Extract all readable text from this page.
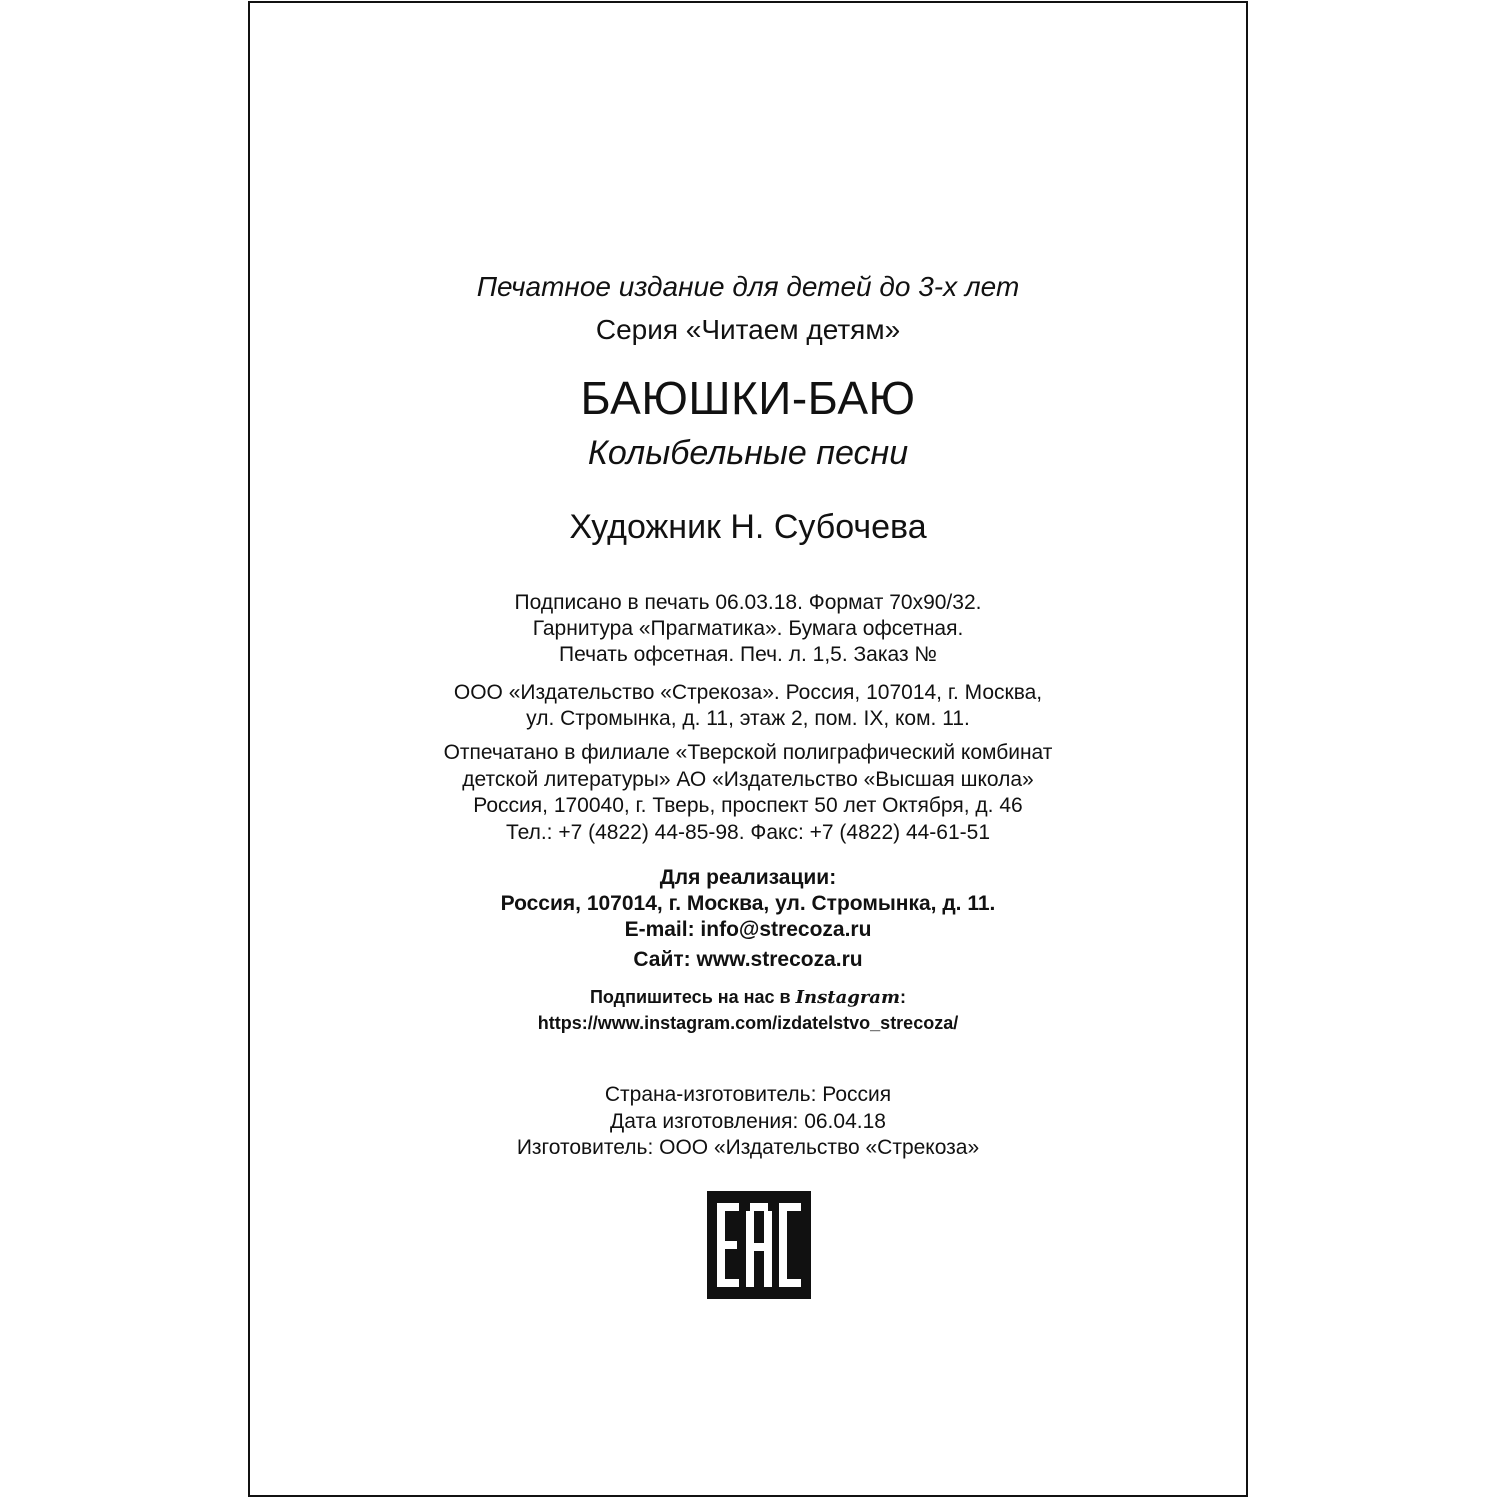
Печатное издание для детей до 3-х лет
Серия «Читаем детям»
БАЮШКИ-БАЮ
Колыбельные песни
Художник Н. Субочева
Подписано в печать 06.03.18. Формат 70х90/32.
Гарнитура «Прагматика». Бумага офсетная.
Печать офсетная. Печ. л. 1,5. Заказ №
ООО «Издательство «Стрекоза». Россия, 107014, г. Москва,
ул. Стромынка, д. 11, этаж 2, пом. IX, ком. 11.
Отпечатано в филиале «Тверской полиграфический комбинат
детской литературы» АО «Издательство «Высшая школа»
Россия, 170040, г. Тверь, проспект 50 лет Октября, д. 46
Тел.: +7 (4822) 44-85-98. Факс: +7 (4822) 44-61-51
Для реализации:
Россия, 107014, г. Москва, ул. Стромынка, д. 11.
E-mail: info@strecoza.ru
Сайт: www.strecoza.ru
Подпишитесь на нас в Instagram:
https://www.instagram.com/izdatelstvo_strecoza/
Страна-изготовитель: Россия
Дата изготовления: 06.04.18
Изготовитель: ООО «Издательство «Стрекоза»
